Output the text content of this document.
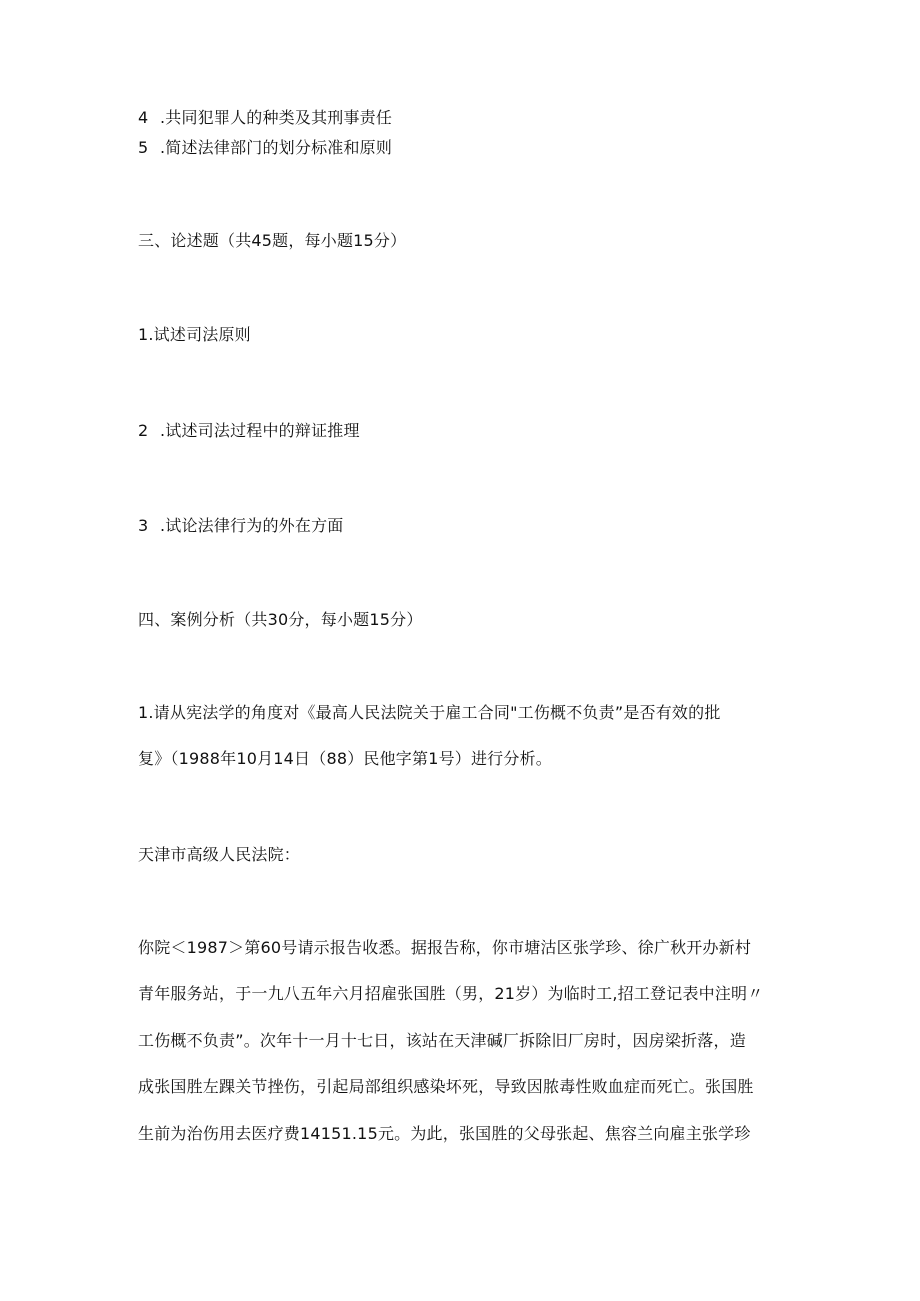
4 .共同犯罪人的种类及其刑事责任
5 .简述法律部门的划分标准和原则
三、论述题（共45题，每小题15分）
1.试述司法原则
2 .试述司法过程中的辩证推理
3 .试论法律行为的外在方面
四、案例分析（共30分，每小题15分）
1.请从宪法学的角度对《最高人民法院关于雇工合同"工伤概不负责”是否有效的批
复》（1988年10月14日（88）民他字第1号）进行分析。
天津市高级人民法院：
你院＜1987＞第60号请示报告收悉。据报告称，你市塘沽区张学珍、徐广秋开办新村
青年服务站，于一九八五年六月招雇张国胜（男，21岁）为临时工,招工登记表中注明〃
工伤概不负责”。次年十一月十七日，该站在天津碱厂拆除旧厂房时，因房梁折落，造
成张国胜左踝关节挫伤，引起局部组织感染坏死，导致因脓毒性败血症而死亡。张国胜
生前为治伤用去医疗费14151.15元。为此，张国胜的父母张起、焦容兰向雇主张学珍
